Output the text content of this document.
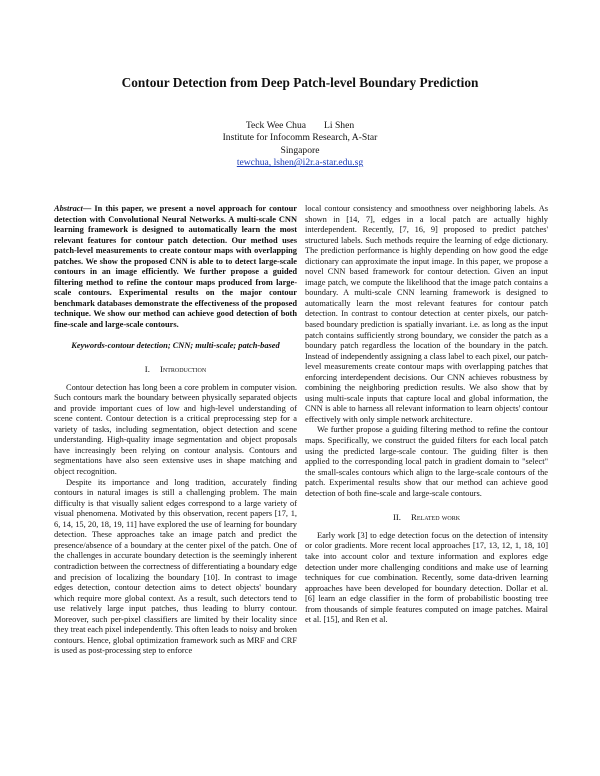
Contour Detection from Deep Patch-level Boundary Prediction
Teck Wee Chua Li Shen
Institute for Infocomm Research, A-Star
Singapore
tewchua, lshen@i2r.a-star.edu.sg

Abstract— In this paper, we present a novel approach for contour detection with Convolutional Neural Networks. A multi-scale CNN learning framework is designed to automatically learn the most relevant features for contour patch detection. Our method uses patch-level measurements to create contour maps with overlapping patches. We show the proposed CNN is able to to detect large-scale contours in an image efficiently. We further propose a guided filtering method to refine the contour maps produced from large-scale contours. Experimental results on the major contour benchmark databases demonstrate the effectiveness of the proposed technique. We show our method can achieve good detection of both fine-scale and large-scale contours.

Keywords-contour detection; CNN; multi-scale; patch-based

I. Introduction

Contour detection has long been a core problem in computer vision. Such contours mark the boundary between physically separated objects and provide important cues of low and high-level understanding of scene content. Contour detection is a critical preprocessing step for a variety of tasks, including segmentation, object detection and scene understanding. High-quality image segmentation and object proposals have increasingly been relying on contour analysis. Contours and segmentations have also seen extensive uses in shape matching and object recognition.

Despite its importance and long tradition, accurately finding contours in natural images is still a challenging problem. The main difficulty is that visually salient edges correspond to a large variety of visual phenomena. Motivated by this observation, recent papers [17, 1, 6, 14, 15, 20, 18, 19, 11] have explored the use of learning for boundary detection. These approaches take an image patch and predict the presence/absence of a boundary at the center pixel of the patch. One of the challenges in accurate boundary detection is the seemingly inherent contradiction between the correctness of differentiating a boundary edge and precision of localizing the boundary [10]. In contrast to image edges detection, contour detection aims to detect objects' boundary which require more global context. As a result, such detectors tend to use relatively large input patches, thus leading to blurry contour. Moreover, such per-pixel classifiers are limited by their locality since they treat each pixel independently. This often leads to noisy and broken contours. Hence, global optimization framework such as MRF and CRF is used as post-processing step to enforce

local contour consistency and smoothness over neighboring labels. As shown in [14, 7], edges in a local patch are actually highly interdependent. Recently, [7, 16, 9] proposed to predict patches' structured labels. Such methods require the learning of edge dictionary. The prediction performance is highly depending on how good the edge dictionary can approximate the input image. In this paper, we propose a novel CNN based framework for contour detection. Given an input image patch, we compute the likelihood that the image patch contains a boundary. A multi-scale CNN learning framework is designed to automatically learn the most relevant features for contour patch detection. In contrast to contour detection at center pixels, our patch-based boundary prediction is spatially invariant. i.e. as long as the input patch contains sufficiently strong boundary, we consider the patch as a boundary patch regardless the location of the boundary in the patch. Instead of independently assigning a class label to each pixel, our patch-level measurements create contour maps with overlapping patches that enforcing interdependent decisions. Our CNN achieves robustness by combining the neighboring prediction results. We also show that by using multi-scale inputs that capture local and global information, the CNN is able to harness all relevant information to learn objects' contour effectively with only simple network architecture.

We further propose a guiding filtering method to refine the contour maps. Specifically, we construct the guided filters for each local patch using the predicted large-scale contour. The guiding filter is then applied to the corresponding local patch in gradient domain to "select" the small-scales contours which align to the large-scale contours of the patch. Experimental results show that our method can achieve good detection of both fine-scale and large-scale contours.

II. Related work

Early work [3] to edge detection focus on the detection of intensity or color gradients. More recent local approaches [17, 13, 12, 1, 18, 10] take into account color and texture information and explores edge detection under more challenging conditions and make use of learning techniques for cue combination. Recently, some data-driven learning approaches have been developed for boundary detection. Dollar et al. [6] learn an edge classifier in the form of probabilistic boosting tree from thousands of simple features computed on image patches. Mairal et al. [15], and Ren et al.
